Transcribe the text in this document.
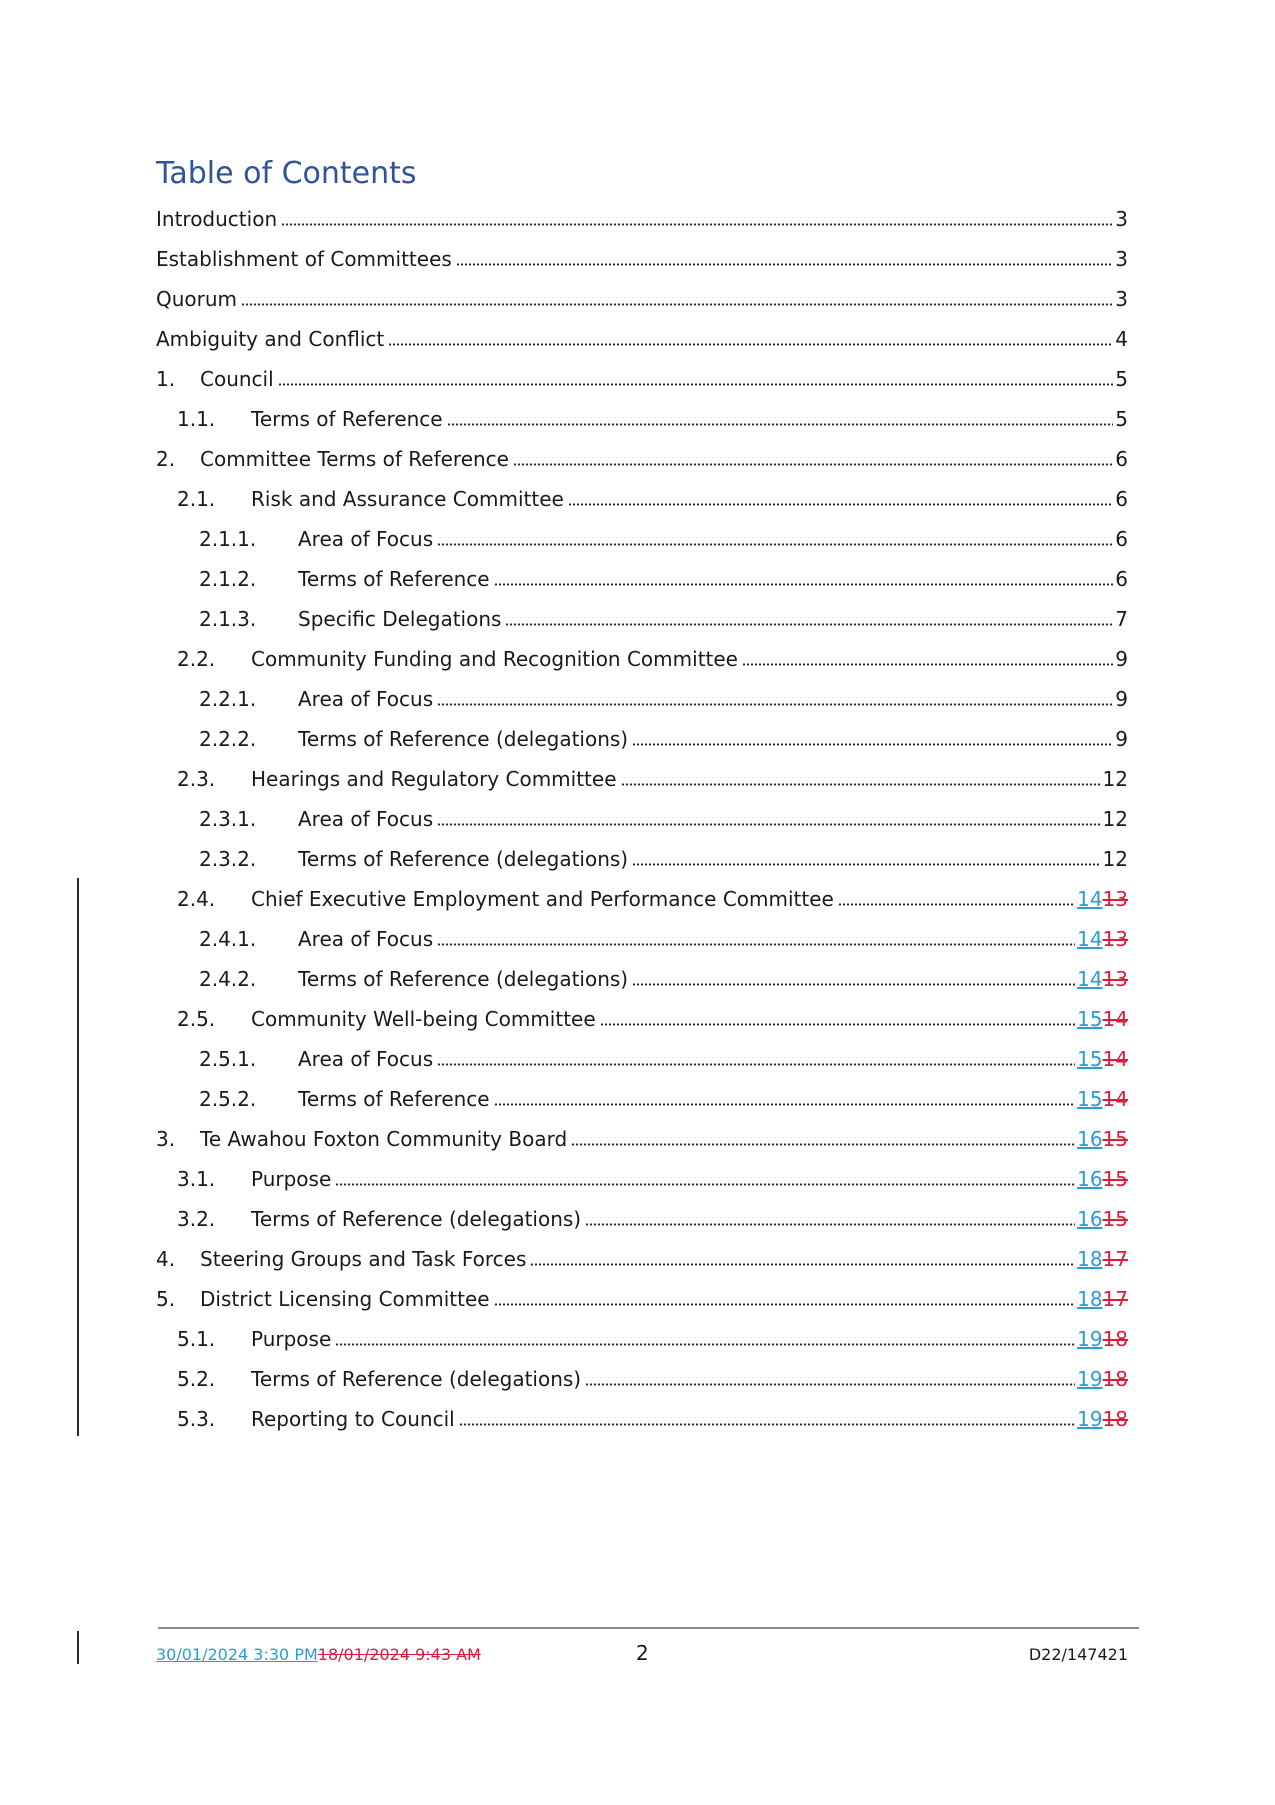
Table of Contents
Introduction	3
Establishment of Committees	3
Quorum	3
Ambiguity and Conflict	4
1.	Council	5
1.1.	Terms of Reference	5
2.	Committee Terms of Reference	6
2.1.	Risk and Assurance Committee	6
2.1.1.	Area of Focus	6
2.1.2.	Terms of Reference	6
2.1.3.	Specific Delegations	7
2.2.	Community Funding and Recognition Committee	9
2.2.1.	Area of Focus	9
2.2.2.	Terms of Reference (delegations)	9
2.3.	Hearings and Regulatory Committee	12
2.3.1.	Area of Focus	12
2.3.2.	Terms of Reference (delegations)	12
2.4.	Chief Executive Employment and Performance Committee	1413
2.4.1.	Area of Focus	1413
2.4.2.	Terms of Reference (delegations)	1413
2.5.	Community Well-being Committee	1514
2.5.1.	Area of Focus	1514
2.5.2.	Terms of Reference	1514
3.	Te Awahou Foxton Community Board	1615
3.1.	Purpose	1615
3.2.	Terms of Reference (delegations)	1615
4.	Steering Groups and Task Forces	1817
5.	District Licensing Committee	1817
5.1.	Purpose	1918
5.2.	Terms of Reference (delegations)	1918
5.3.	Reporting to Council	1918
30/01/2024 3:30 PM18/01/2024 9:43 AM	2	D22/147421
